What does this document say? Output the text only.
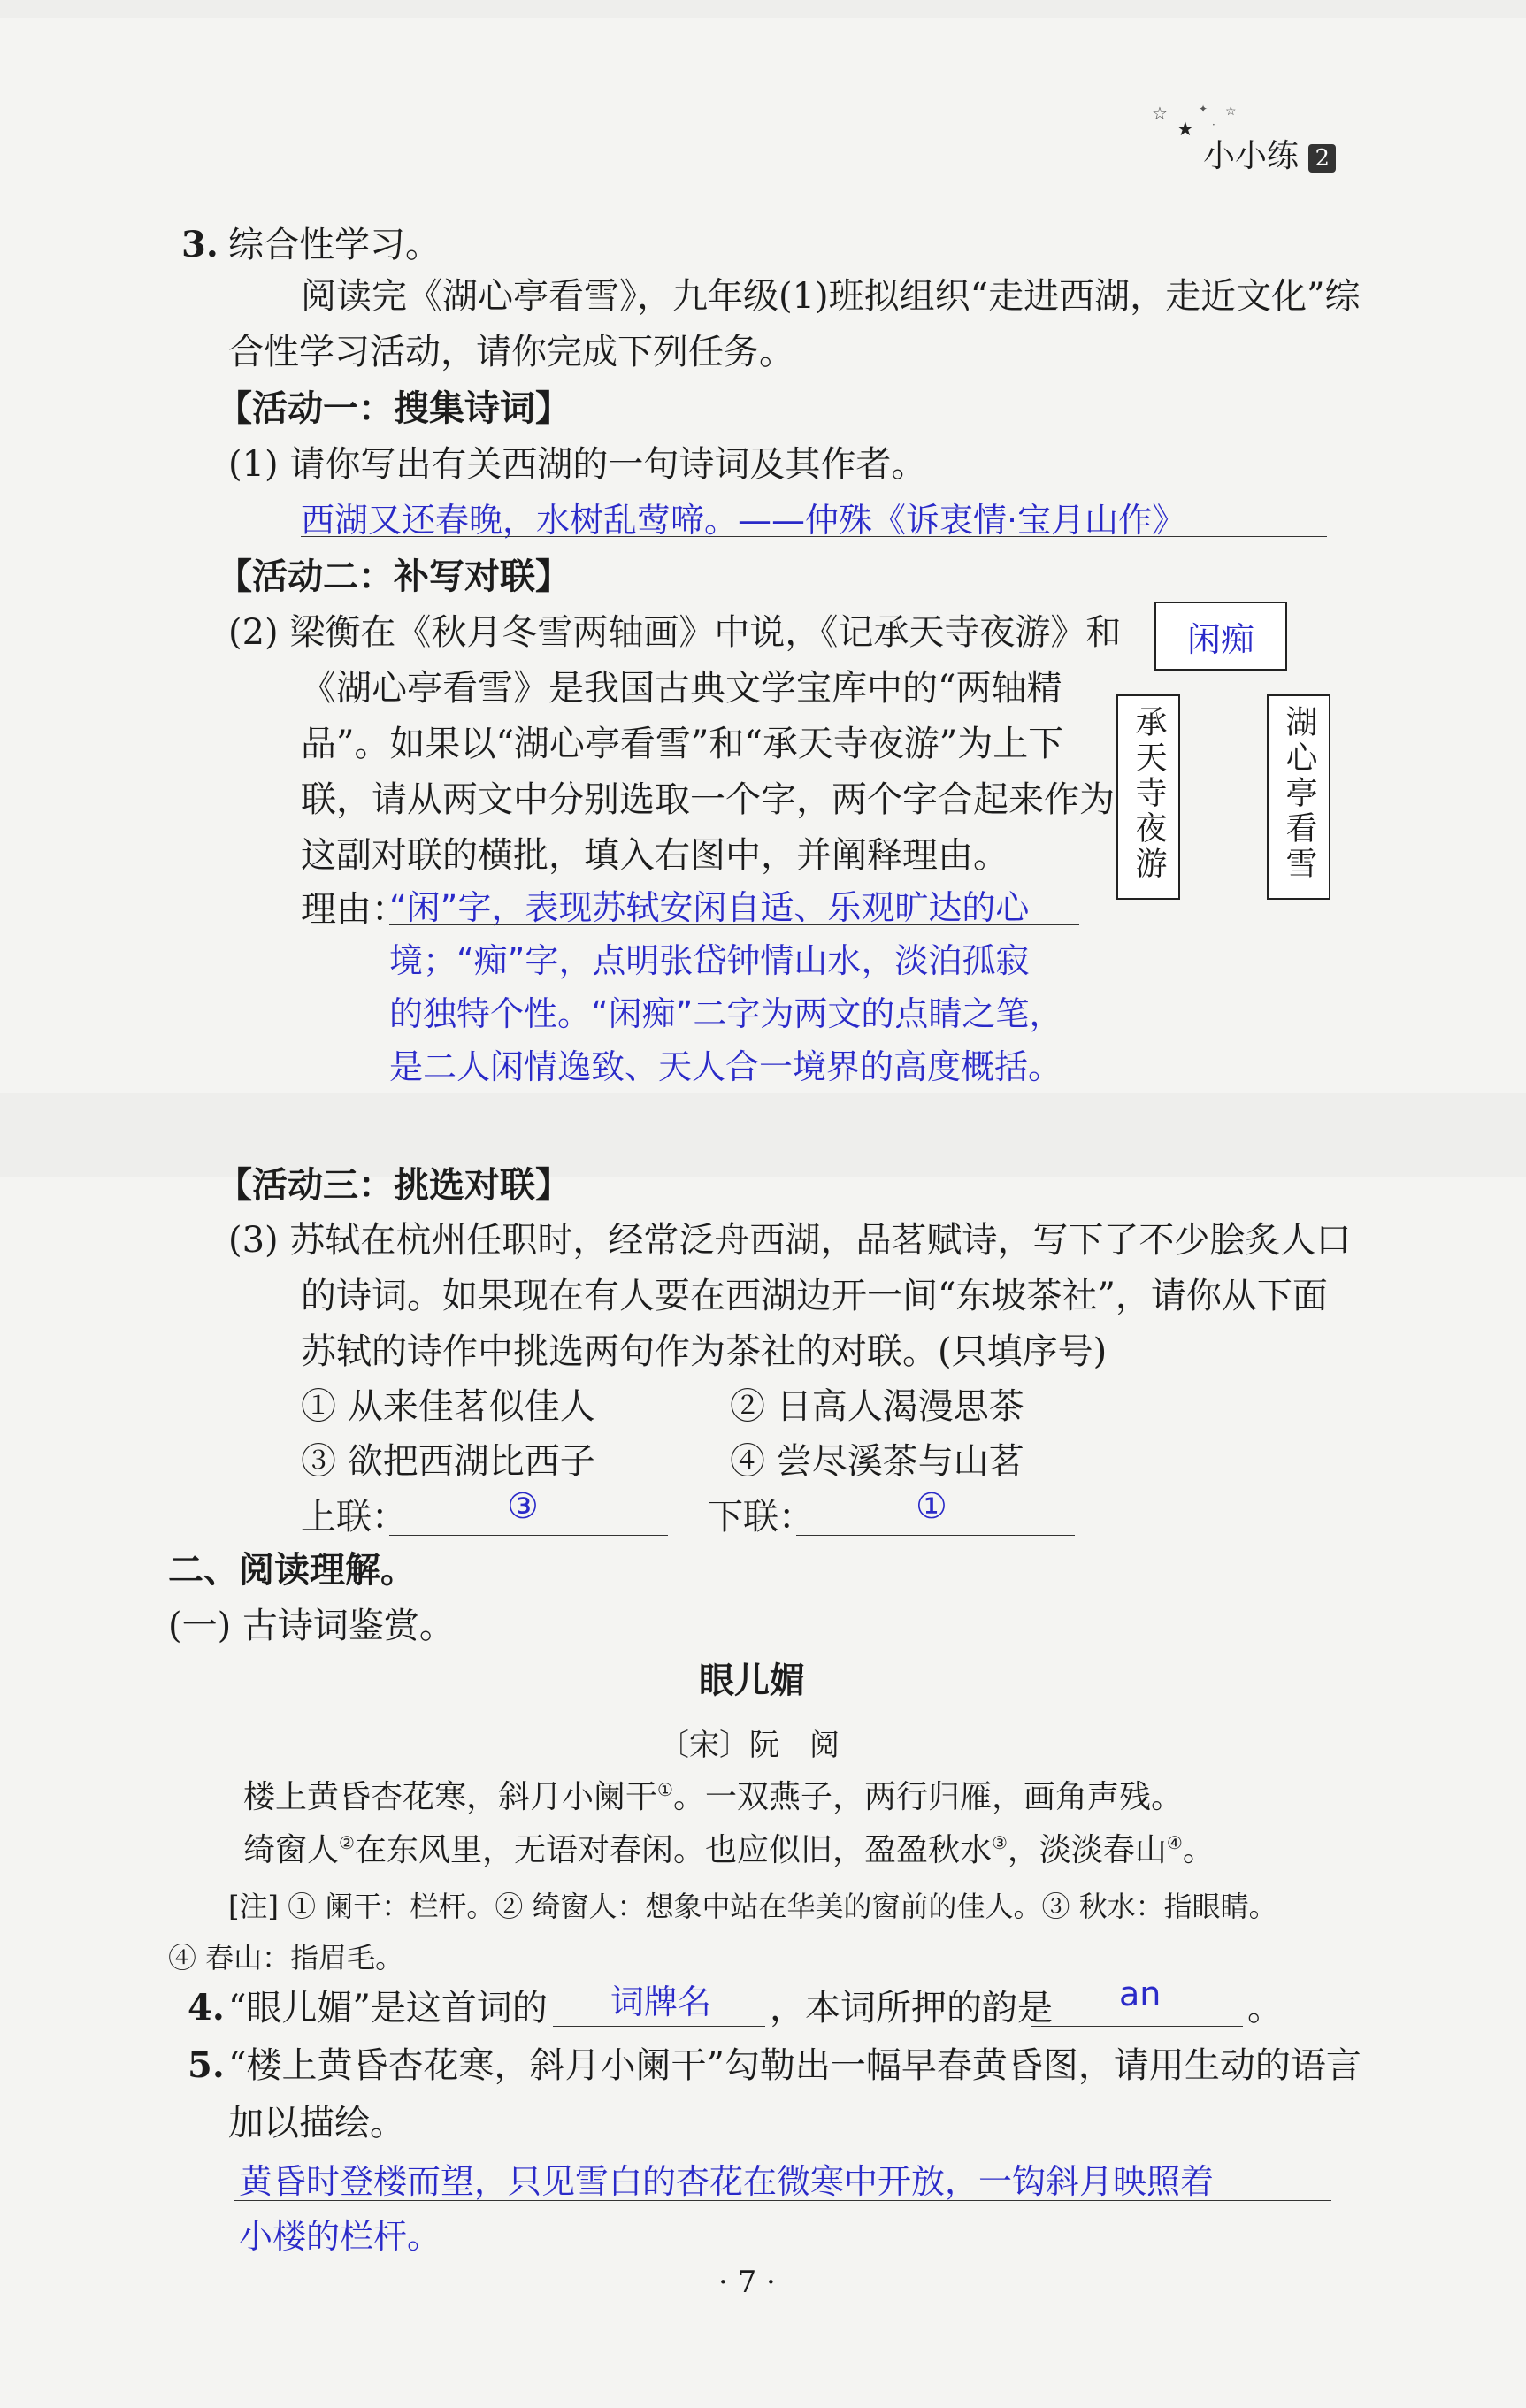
☆
★
✦
·
☆
小小练 2
3. 综合性学习。
阅读完《湖心亭看雪》，九年级(1)班拟组织“走进西湖，走近文化”综
合性学习活动，请你完成下列任务。
【活动一：搜集诗词】
(1) 请你写出有关西湖的一句诗词及其作者。
西湖又还春晚，水树乱莺啼。——仲殊《诉衷情·宝月山作》
【活动二：补写对联】
(2) 梁衡在《秋月冬雪两轴画》中说，《记承天寺夜游》和
《湖心亭看雪》是我国古典文学宝库中的“两轴精
品”。如果以“湖心亭看雪”和“承天寺夜游”为上下
联，请从两文中分别选取一个字，两个字合起来作为
这副对联的横批，填入右图中，并阐释理由。
闲痴
承天寺夜游	湖心亭看雪
理由：
“闲”字，表现苏轼安闲自适、乐观旷达的心
境；“痴”字，点明张岱钟情山水，淡泊孤寂
的独特个性。“闲痴”二字为两文的点睛之笔，
是二人闲情逸致、天人合一境界的高度概括。
【活动三：挑选对联】
(3) 苏轼在杭州任职时，经常泛舟西湖，品茗赋诗，写下了不少脍炙人口
的诗词。如果现在有人要在西湖边开一间“东坡茶社”，请你从下面
苏轼的诗作中挑选两句作为茶社的对联。(只填序号)
① 从来佳茗似佳人	② 日高人渴漫思茶
③ 欲把西湖比西子	④ 尝尽溪茶与山茗
上联：	③	下联：	①
二、阅读理解。
(一) 古诗词鉴赏。
眼儿媚
〔宋〕阮　阅
楼上黄昏杏花寒，斜月小阑干①。一双燕子，两行归雁，画角声残。
绮窗人②在东风里，无语对春闲。也应似旧，盈盈秋水③，淡淡春山④。
[注] ① 阑干：栏杆。② 绮窗人：想象中站在华美的窗前的佳人。③ 秋水：指眼睛。
④ 春山：指眉毛。
4. “眼儿媚”是这首词的 词牌名 ，本词所押的韵是 an 。
5. “楼上黄昏杏花寒，斜月小阑干”勾勒出一幅早春黄昏图，请用生动的语言
加以描绘。
黄昏时登楼而望，只见雪白的杏花在微寒中开放，一钩斜月映照着
小楼的栏杆。
· 7 ·
